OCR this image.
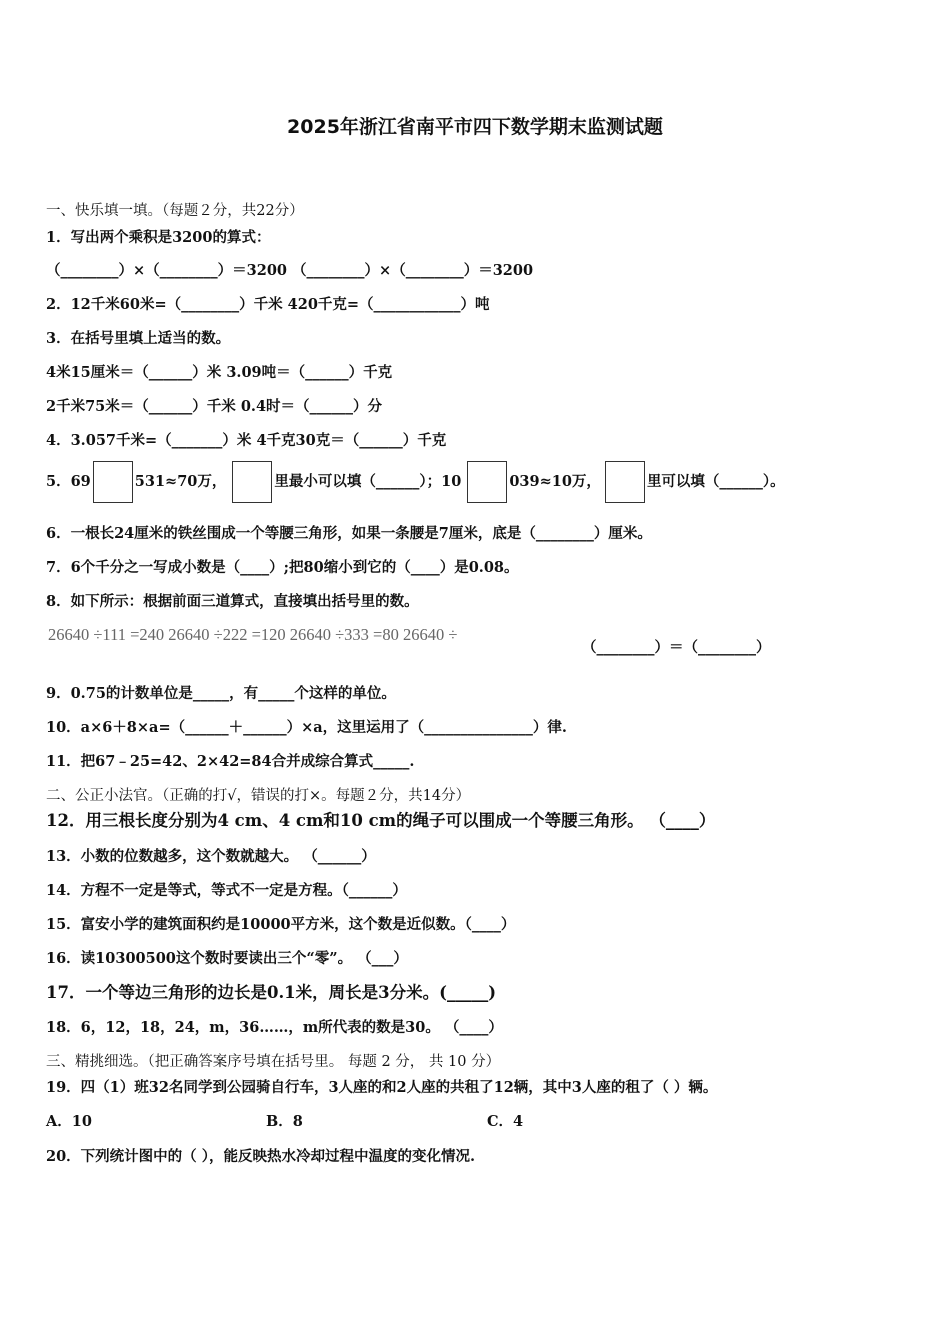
2025年浙江省南平市四下数学期末监测试题
一、快乐填一填。（每题２分，共22分）
1．写出两个乘积是3200的算式：
（________）×（________）＝3200 （________）×（________）＝3200
2．12千米60米=（________）千米 420千克=（____________）吨
3．在括号里填上适当的数。
4米15厘米＝（______）米 3.09吨＝（______）千克
2千米75米＝（______）千米 0.4时＝（______）分
4．3.057千米=（_______）米 4千克30克＝（______）千克
5．69	531≈70万，	里最小可以填（______）；10	039≈10万，	里可以填（______）。
6．一根长24厘米的铁丝围成一个等腰三角形，如果一条腰是7厘米，底是（________）厘米。
7．6个千分之一写成小数是（____）;把80缩小到它的（____）是0.08。
8．如下所示：根据前面三道算式，直接填出括号里的数。
26640 ÷111 =240 26640 ÷222 =120 26640 ÷333 =80 26640 ÷
（________）＝（________）
9．0.75的计数单位是_____，有_____个这样的单位。
10．a×6＋8×a=（______＋______）×a，这里运用了（_______________）律.
11．把67﹣25=42、2×42=84合并成综合算式_____.
二、公正小法官。（正确的打√，错误的打×。每题２分，共14分）
12．用三根长度分别为4 cm、4 cm和10 cm的绳子可以围成一个等腰三角形。 （____）
13．小数的位数越多，这个数就越大。 （______）
14．方程不一定是等式，等式不一定是方程。（______）
15．富安小学的建筑面积约是10000平方米，这个数是近似数。（____）
16．读10300500这个数时要读出三个“零”。 （___）
17．一个等边三角形的边长是0.1米，周长是3分米。(_____)
18．6，12，18，24，m，36……，m所代表的数是30。 （____）
三、精挑细选。（把正确答案序号填在括号里。 每题 2 分， 共 10 分）
19．四（1）班32名同学到公园骑自行车，3人座的和2人座的共租了12辆，其中3人座的租了（ ）辆。
A．10	B．8	C．4
20．下列统计图中的（ ），能反映热水冷却过程中温度的变化情况.
